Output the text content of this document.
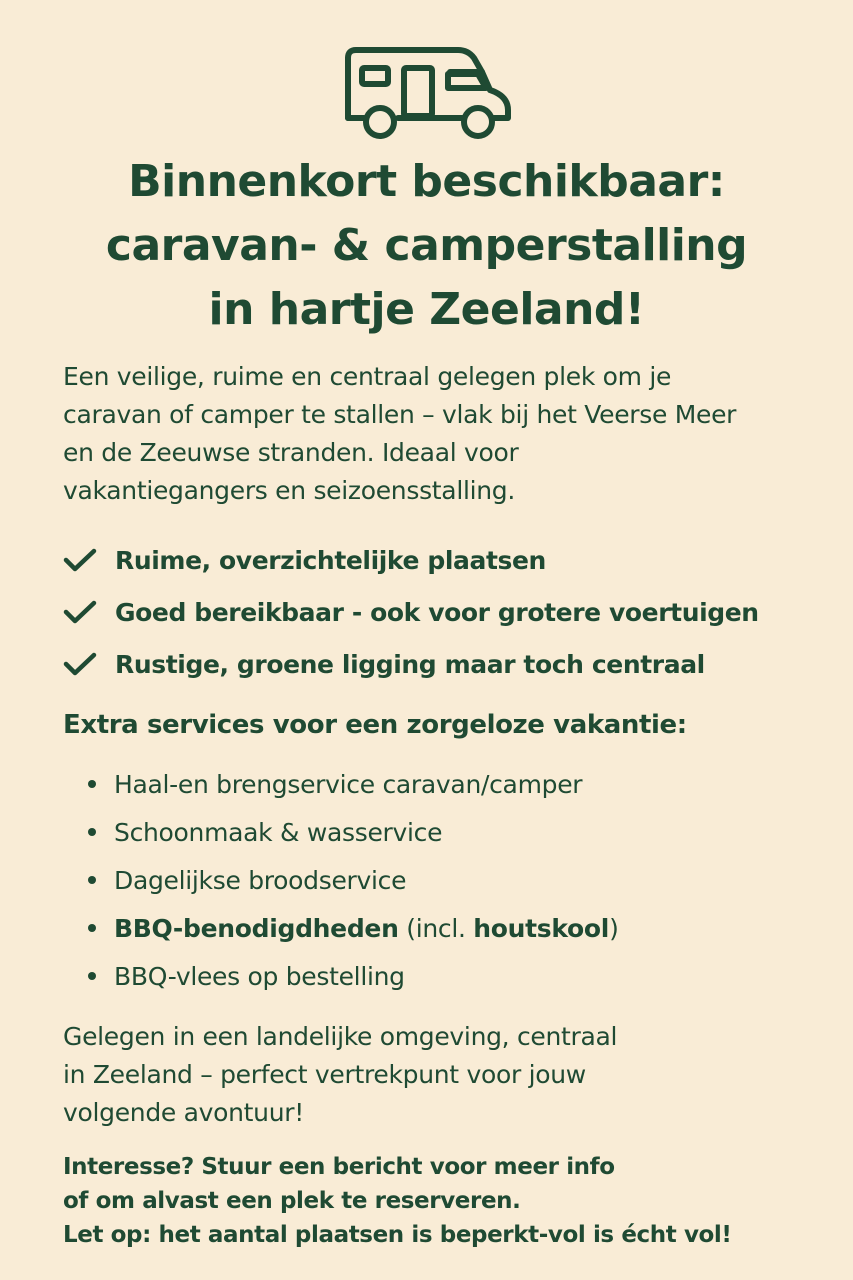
Binnenkort beschikbaar:
caravan- & camperstalling
in hartje Zeeland!

Een veilige, ruime en centraal gelegen plek om je
caravan of camper te stallen – vlak bij het Veerse Meer
en de Zeeuwse stranden. Ideaal voor
vakantiegangers en seizoensstalling.

Ruime, overzichtelijke plaatsen
Goed bereikbaar - ook voor grotere voertuigen
Rustige, groene ligging maar toch centraal
Extra services voor een zorgeloze vakantie:
Haal-en brengservice caravan/camper
Schoonmaak & wasservice
Dagelijkse broodservice
BBQ-benodigdheden (incl. houtskool)
BBQ-vlees op bestelling

Gelegen in een landelijke omgeving, centraal
in Zeeland – perfect vertrekpunt voor jouw
volgende avontuur!

Interesse? Stuur een bericht voor meer info
of om alvast een plek te reserveren.
Let op: het aantal plaatsen is beperkt-vol is écht vol!
